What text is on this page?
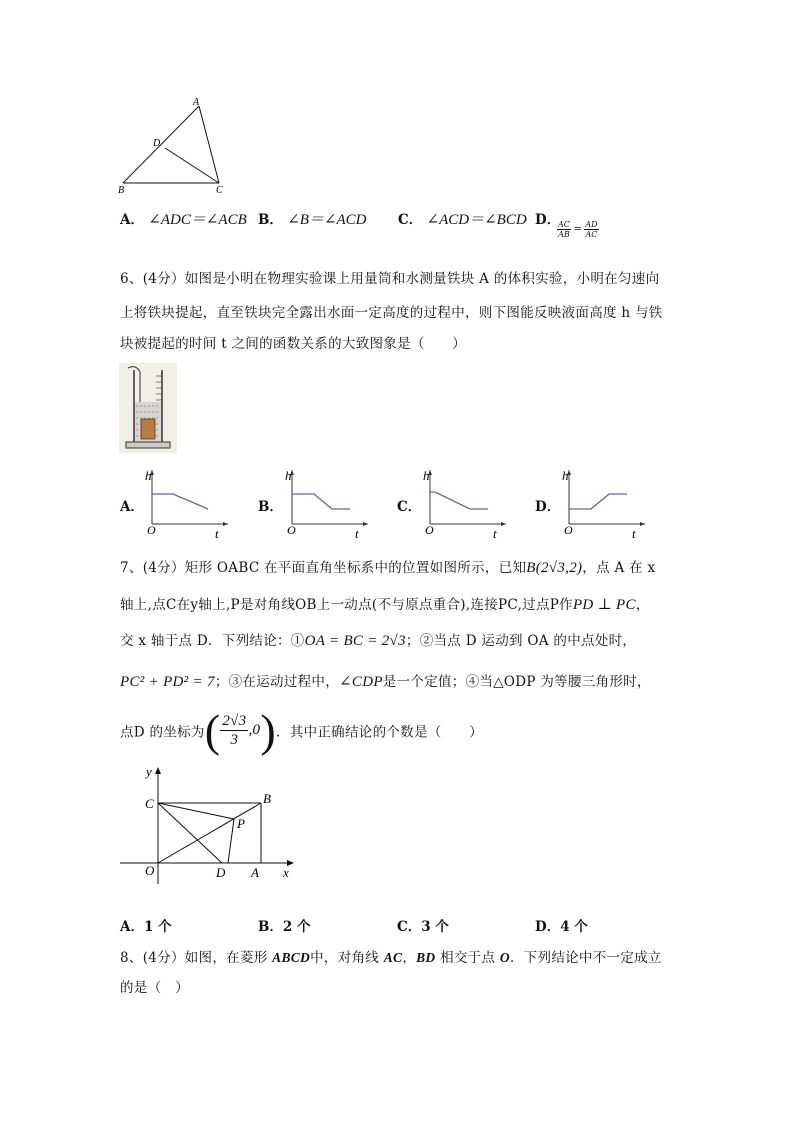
A
D
B	C
A． ∠ADC＝∠ACB B． ∠B＝∠ACD C． ∠ACD＝∠BCD D．
$\frac{AC}{AB} = \frac{AD}{AC}$
6、(4分）如图是小明在物理实验课上用量筒和水测量铁块 A 的体积实验，小明在匀速向
上将铁块提起，直至铁块完全露出水面一定高度的过程中，则下图能反映液面高度 h 与铁
块被提起的时间 t 之间的函数关系的大致图象是（　　）
A．
h
t
O
B．
h
t
O
C．
h
t
O
D．
h
t
O
7、(4分）矩形 OABC 在平面直角坐标系中的位置如图所示，已知B(2√3,2)，点 A 在 x
轴上,点C在y轴上,P是对角线OB上一动点(不与原点重合),连接PC,过点P作PD ⊥ PC，
交 x 轴于点 D．下列结论：①OA = BC = 2√3；②当点 D 运动到 OA 的中点处时，
PC² + PD² = 7；③在运动过程中，∠CDP是一个定值；④当△ODP 为等腰三角形时，
点D 的坐标为( $\frac{2√3}{3} ,0$)．其中正确结论的个数是（　　）
y
C	B
P
O	D A x
A．1 个	B．2 个	C．3 个	D．4 个
8、(4分）如图，在菱形 ABCD中，对角线 AC，BD 相交于点 O．下列结论中不一定成立
的是（　）
